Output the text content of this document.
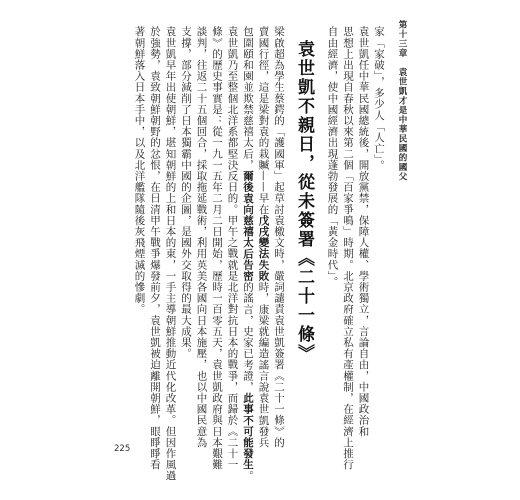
第十三章　袁世凱才是中華民國的國父
家「家破」，多少人「人亡」。
袁世凱任中華民國總統後，開放黨禁，保障人權、學術獨立，言論自由，中國政治和
思想上出現自春秋以來第二個「百家爭鳴」時期。北京政府確立私有產權制，在經濟上推行
自由經濟，使中國經濟出現蓬勃發展的「黃金時代」。
袁世凱不親日，從未簽署《二十一條》
梁啟超為學生蔡鍔的「護國軍」起草討袁檄文時，嚴詞譴責袁世凱簽署《二十一條》的
賣國行徑，這是梁對袁的栽贓——早在戊戌變法失敗時，康梁就編造謠言說袁世凱發兵
包圍頤和園並欺禁慈禧太后，爾後袁向慈禧太后告密的謠言，史家已考證，此事不可能發生。
袁世凱乃至整個北洋系都堅決反日的。甲午之戰就是北洋對抗日本的戰爭，而歸於《二十一
條》的歷史事實是：從一九一五年二月二日開始，歷時一百零五天，袁世凱政府與日本艱難
談判，往返二十五個回合，採取拖延戰術，利用英美各國向日本施壓，也以中國民意為
支撐，部分減削了日本獨霸中國的企圖，是國外交取得的最大成果。
袁世凱早年出使朝鮮，堪知朝鮮的上和日本的東，一手主導朝鮮推動近代化改革。但因作風過
於強勢，袁致朝鮮朝野的忿恨，在日清甲午戰爭爆發前夕，袁世凱被迫離開朝鮮，眼睜睜看
著朝鮮落入日本手中，以及北洋艦隊隨後灰飛煙滅的慘劇。
225
